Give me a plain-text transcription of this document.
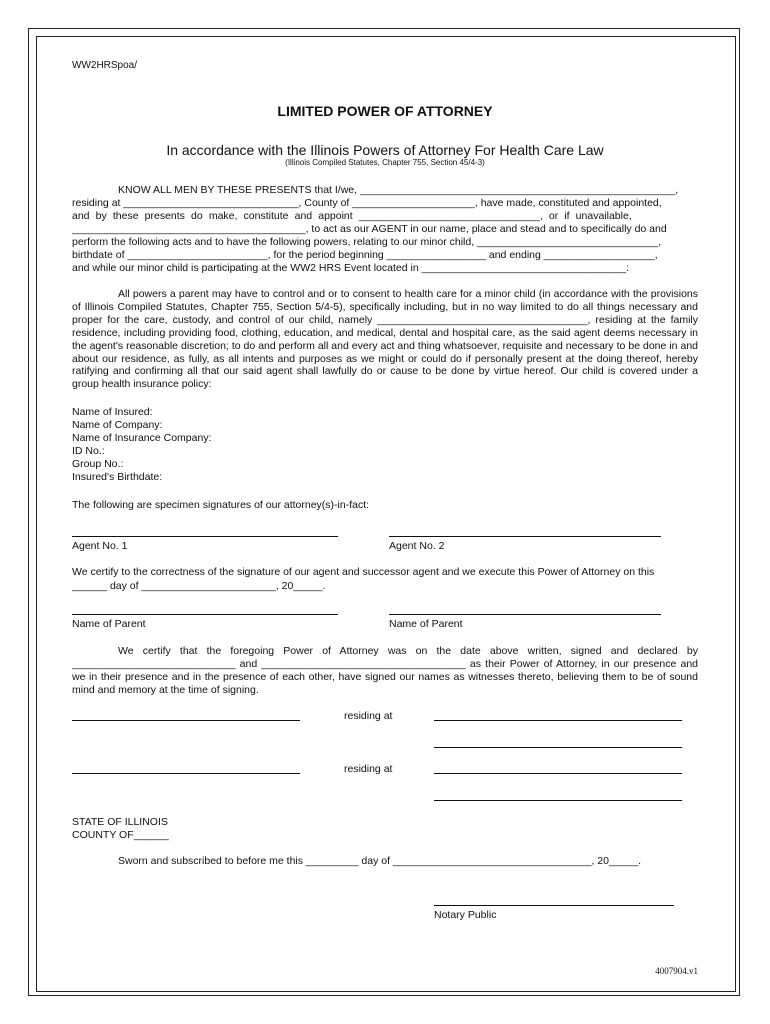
WW2HRSpoa/
LIMITED POWER OF ATTORNEY
In accordance with the Illinois Powers of Attorney For Health Care Law
(Illinois Compiled Statutes, Chapter 755, Section 45/4-3)
KNOW ALL MEN BY THESE PRESENTS that I/we, ______________________________________________________,
residing at ______________________________, County of _____________________, have made, constituted and appointed,
and by these presents do make, constitute and appoint _______________________________, or if unavailable,
________________________________________, to act as our AGENT in our name, place and stead and to specifically do and
perform the following acts and to have the following powers, relating to our minor child, _______________________________,
birthdate of ________________________, for the period beginning _________________ and ending ___________________,
and while our minor child is participating at the WW2 HRS Event located in ___________________________________:
All powers a parent may have to control and or to consent to health care for a minor child (in accordance with the provisions of Illinois Compiled Statutes, Chapter 755, Section 5/4-5), specifically including, but in no way limited to do all things necessary and proper for the care, custody, and control of our child, namely ____________________________________, residing at the family residence, including providing food, clothing, education, and medical, dental and hospital care, as the said agent deems necessary in the agent's reasonable discretion; to do and perform all and every act and thing whatsoever, requisite and necessary to be done in and about our residence, as fully, as all intents and purposes as we might or could do if personally present at the doing thereof, hereby ratifying and confirming all that our said agent shall lawfully do or cause to be done by virtue hereof. Our child is covered under a group health insurance policy:
Name of Insured:
Name of Company:
Name of Insurance Company:
ID No.:
Group No.:
Insured's Birthdate:
The following are specimen signatures of our attorney(s)-in-fact:
Agent No. 1	Agent No. 2
We certify to the correctness of the signature of our agent and successor agent and we execute this Power of Attorney on this
______ day of _______________________, 20_____.
Name of Parent	Name of Parent
We certify that the foregoing Power of Attorney was on the date above written, signed and declared by ____________________________ and ___________________________________ as their Power of Attorney, in our presence and we in their presence and in the presence of each other, have signed our names as witnesses thereto, believing them to be of sound mind and memory at the time of signing.
residing at
residing at
STATE OF ILLINOIS
COUNTY OF______
Sworn and subscribed to before me this _________ day of __________________________________, 20_____.
Notary Public
4007904.v1
